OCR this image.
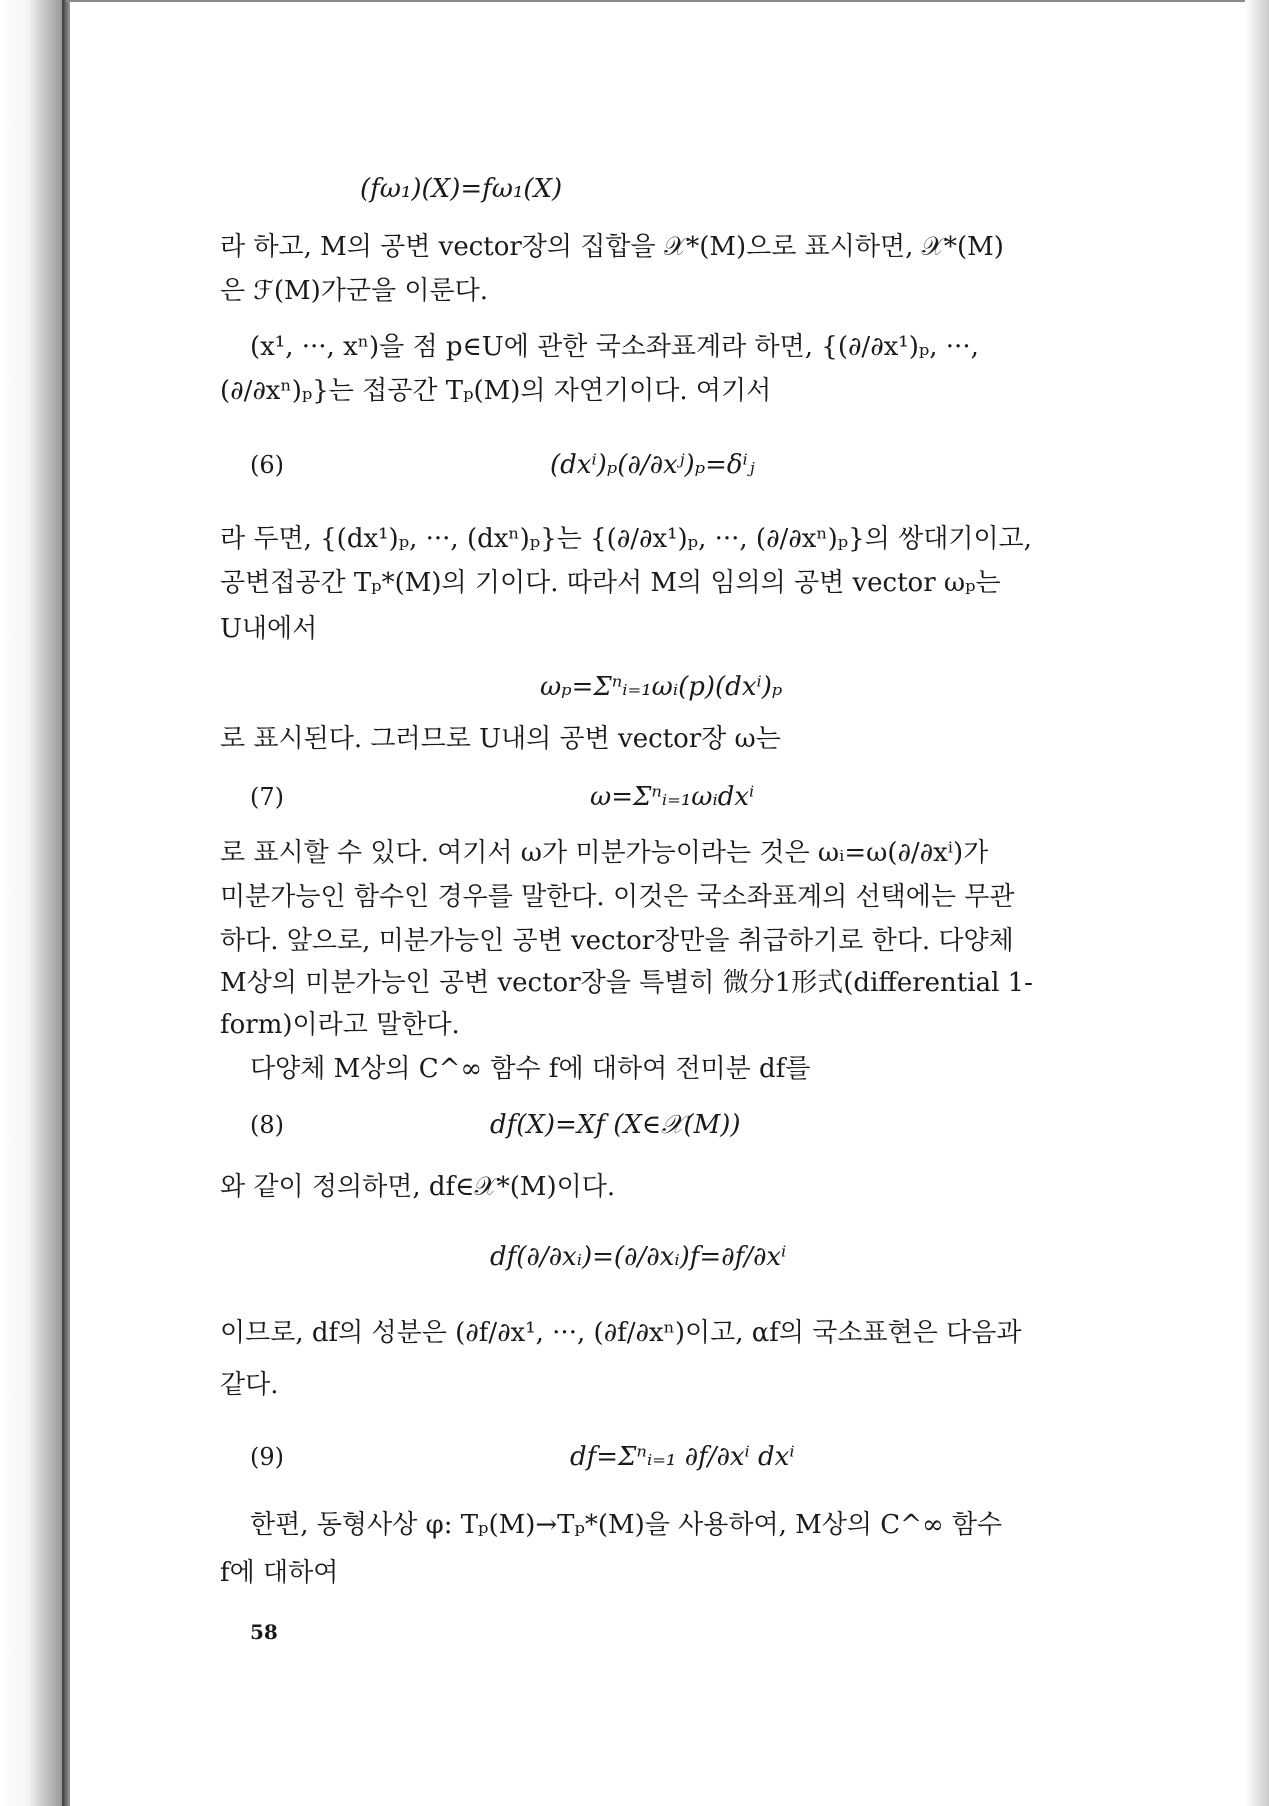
(fω₁)(X)=fω₁(X)
라 하고, M의 공변 vector장의 집합을 𝒳*(M)으로 표시하면, 𝒳*(M)
은 ℱ(M)가군을 이룬다.
(x¹, ···, xⁿ)을 점 p∈U에 관한 국소좌표계라 하면, {(∂/∂x¹)ₚ, ···,
(∂/∂xⁿ)ₚ}는 접공간 Tₚ(M)의 자연기이다. 여기서
(6)	(dxⁱ)ₚ(∂/∂xʲ)ₚ=δⁱⱼ
라 두면, {(dx¹)ₚ, ···, (dxⁿ)ₚ}는 {(∂/∂x¹)ₚ, ···, (∂/∂xⁿ)ₚ}의 쌍대기이고,
공변접공간 Tₚ*(M)의 기이다. 따라서 M의 임의의 공변 vector ωₚ는
U내에서
ωₚ=Σⁿᵢ₌₁ωᵢ(p)(dxⁱ)ₚ
로 표시된다. 그러므로 U내의 공변 vector장 ω는
(7)	ω=Σⁿᵢ₌₁ωᵢdxⁱ
로 표시할 수 있다. 여기서 ω가 미분가능이라는 것은 ωᵢ=ω(∂/∂xⁱ)가
미분가능인 함수인 경우를 말한다. 이것은 국소좌표계의 선택에는 무관
하다. 앞으로, 미분가능인 공변 vector장만을 취급하기로 한다. 다양체
M상의 미분가능인 공변 vector장을 특별히 微分1形式(differential 1-
form)이라고 말한다.
다양체 M상의 C^∞ 함수 f에 대하여 전미분 df를
(8)	df(X)=Xf (X∈𝒳(M))
와 같이 정의하면, df∈𝒳*(M)이다.
df(∂/∂xᵢ)=(∂/∂xᵢ)f=∂f/∂xⁱ
이므로, df의 성분은 (∂f/∂x¹, ···, (∂f/∂xⁿ)이고, αf의 국소표현은 다음과
같다.
(9)	df=Σⁿᵢ₌₁ ∂f/∂xⁱ dxⁱ
한편, 동형사상 φ: Tₚ(M)→Tₚ*(M)을 사용하여, M상의 C^∞ 함수
f에 대하여
58
